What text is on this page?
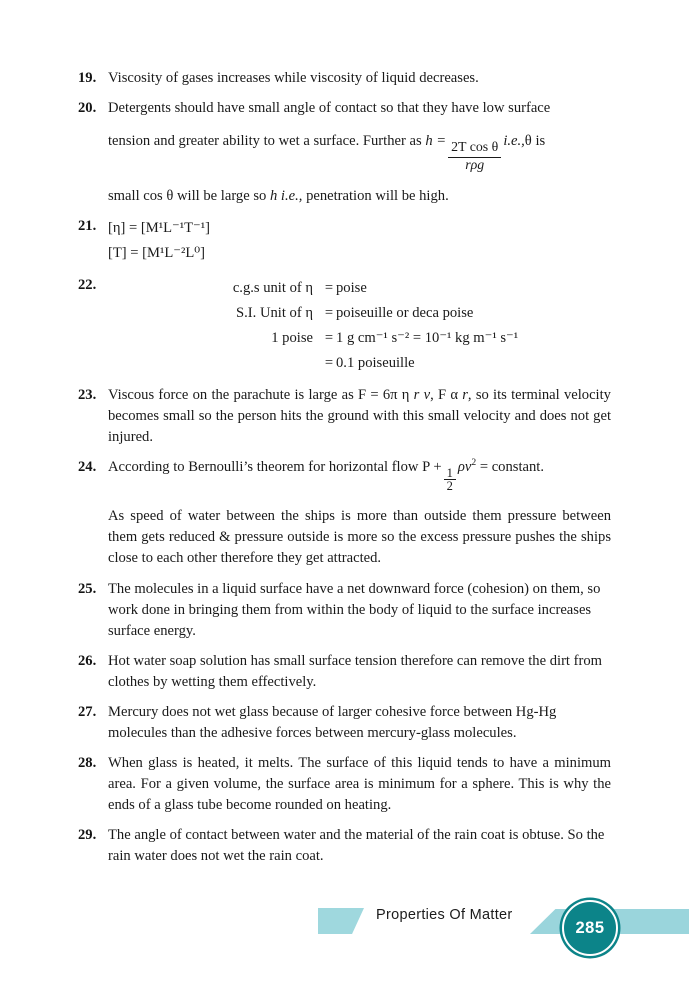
19. Viscosity of gases increases while viscosity of liquid decreases.

20. Detergents should have small angle of contact so that they have low surface

tension and greater ability to wet a surface. Further as h =
$\frac{\text{2T cos θ}}{\text{rρg}}$
i.e.,θ is

small cos θ will be large so h i.e., penetration will be high.

21. [η] = [M¹L⁻¹T⁻¹]
[T] = [M¹L⁻²L⁰]
22.	c.g.s unit of η = poise
S.I. Unit of η = poiseuille or deca poise
1 poise = 1 g cm⁻¹ s⁻² = 10⁻¹ kg m⁻¹ s⁻¹
= 0.1 poiseuille
23. Viscous force on the parachute is large as F = 6π η r v, F α r, so its terminal velocity becomes small so the person hits the ground with this small velocity and does not get injured.

24. According to Bernoulli’s theorem for horizontal flow $P + \frac{1}{2} \rho v^2$ = constant.

As speed of water between the ships is more than outside them pressure between them gets reduced & pressure outside is more so the excess pressure pushes the ships close to each other therefore they get attracted.

25. The molecules in a liquid surface have a net downward force (cohesion) on them, so work done in bringing them from within the body of liquid to the surface increases surface energy.

26. Hot water soap solution has small surface tension therefore can remove the dirt from clothes by wetting them effectively.

27. Mercury does not wet glass because of larger cohesive force between Hg-Hg molecules than the adhesive forces between mercury-glass molecules.

28. When glass is heated, it melts. The surface of this liquid tends to have a minimum area. For a given volume, the surface area is minimum for a sphere. This is why the ends of a glass tube become rounded on heating.

29. The angle of contact between water and the material of the rain coat is obtuse. So the rain water does not wet the rain coat.

Properties Of Matter
285
